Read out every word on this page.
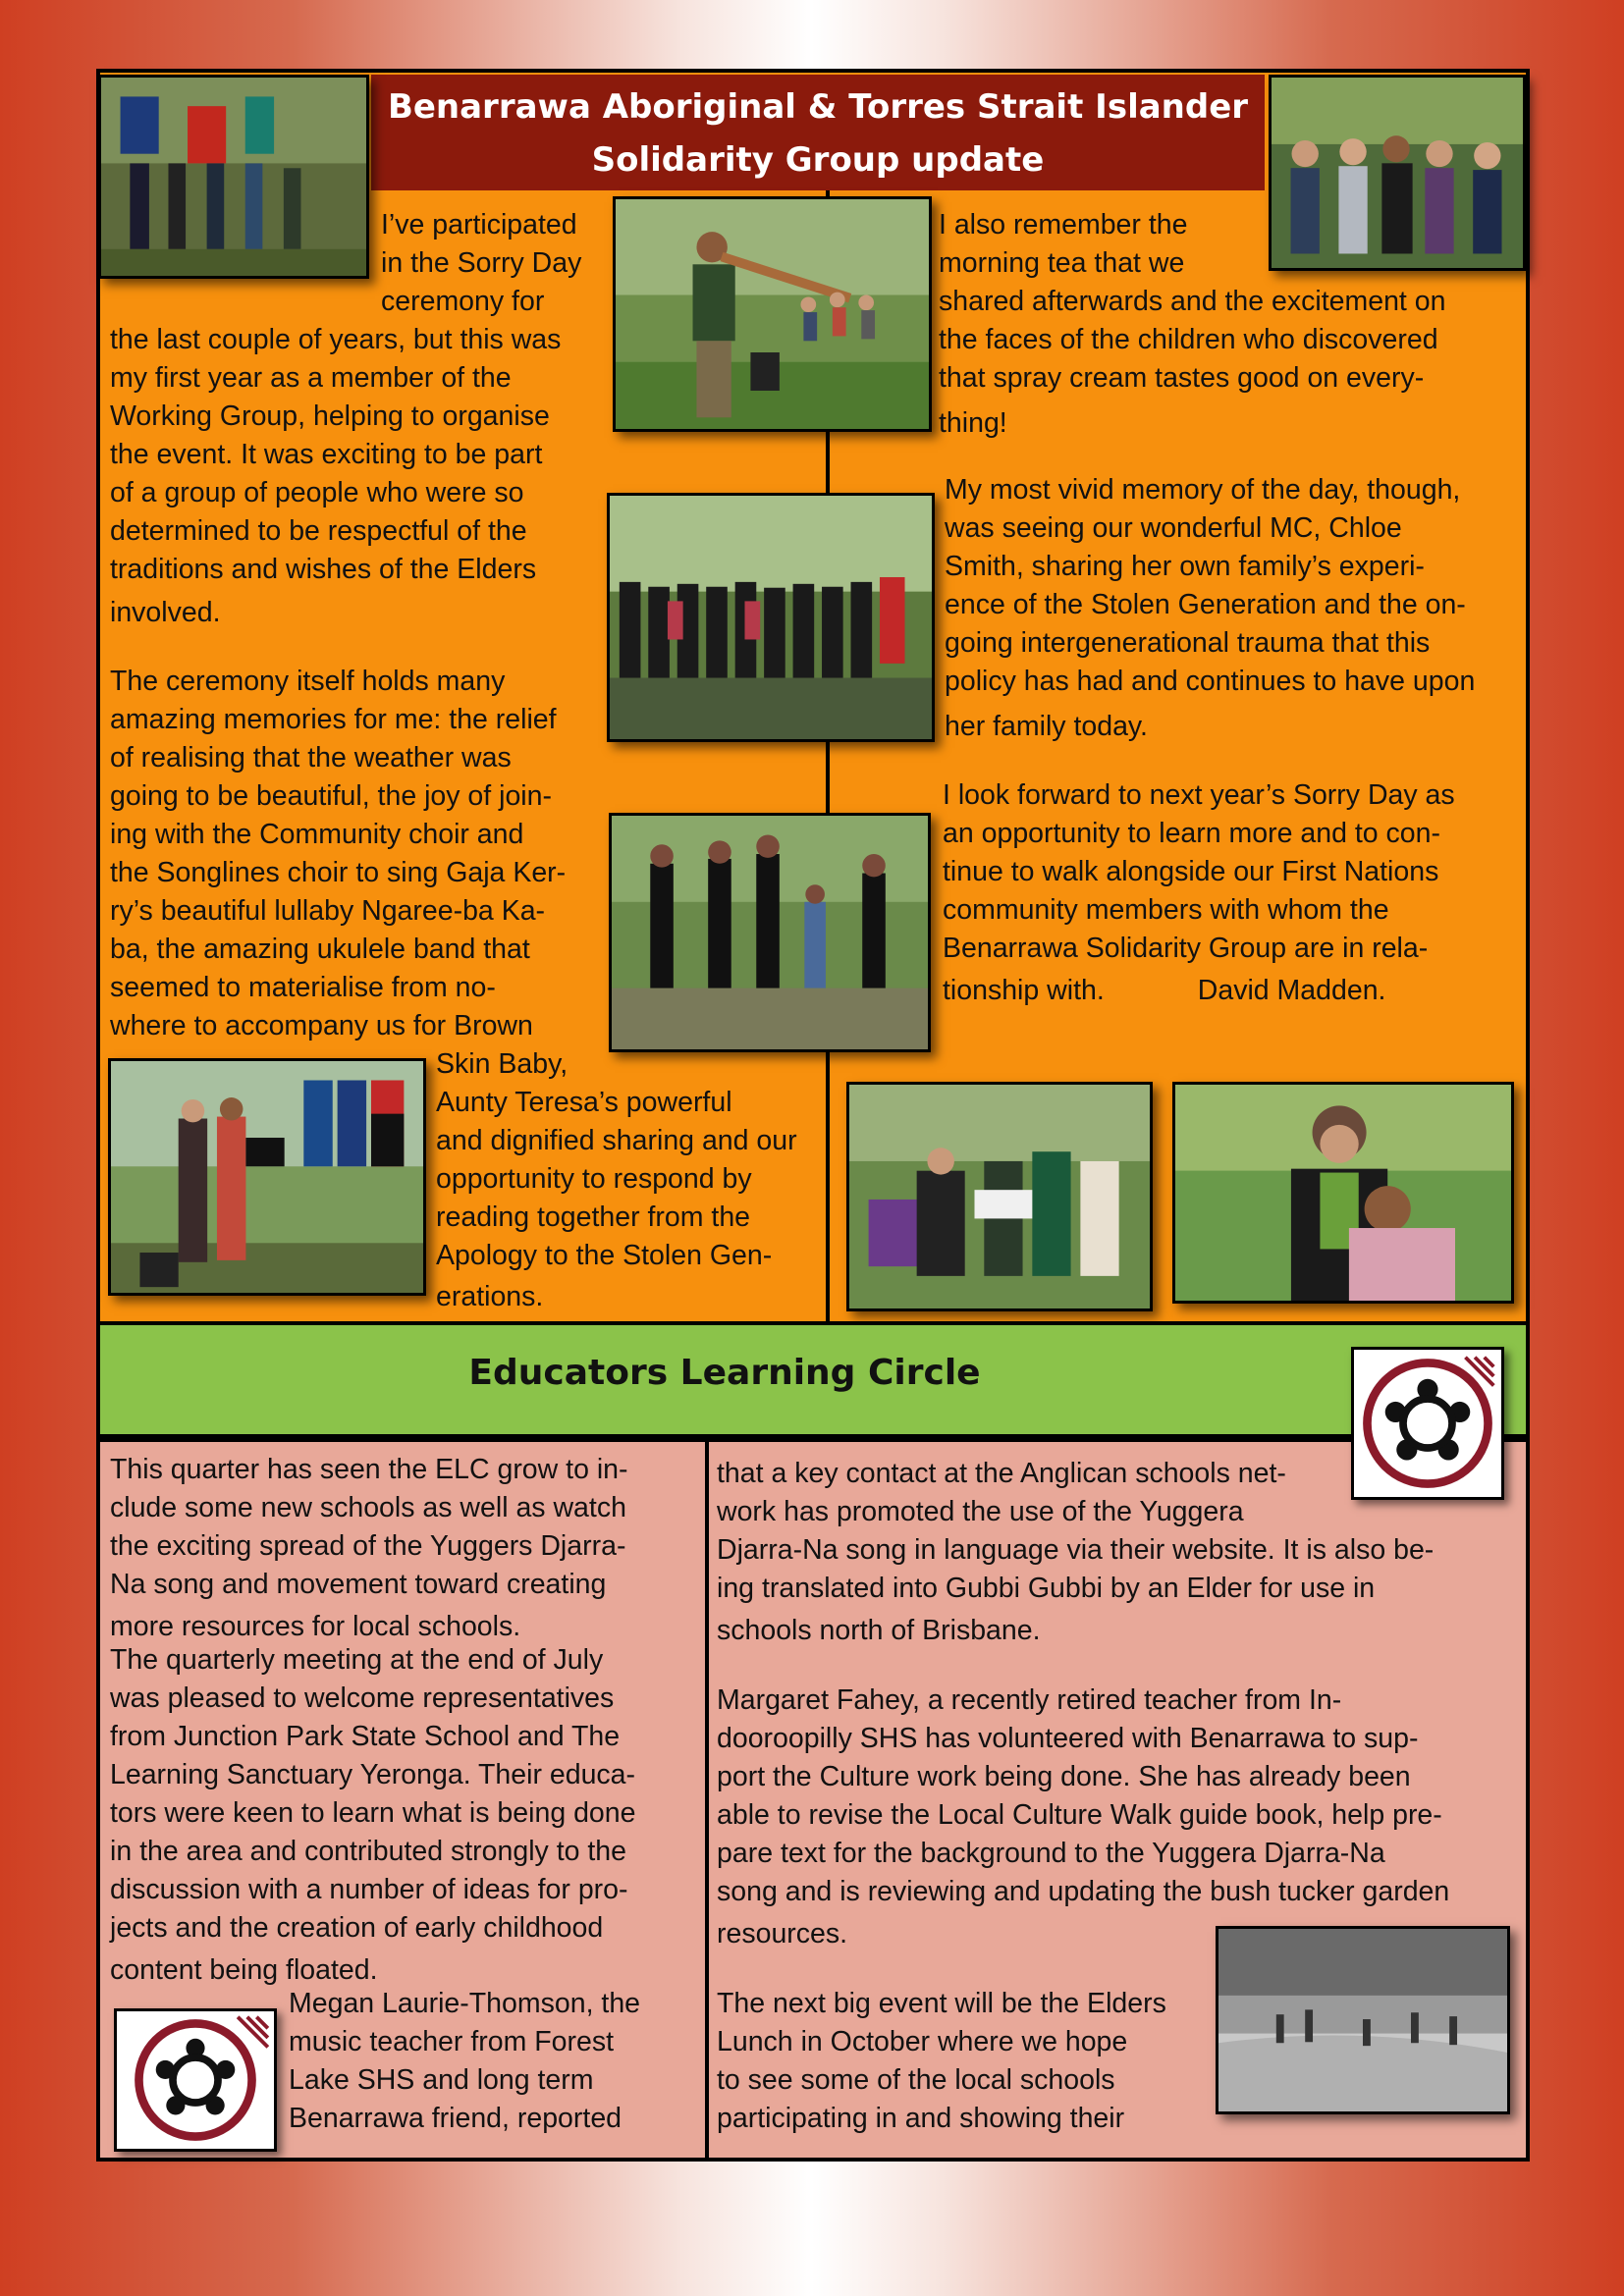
Benarrawa Aboriginal & Torres Strait Islander
Solidarity Group update
I’ve participated
in the Sorry Day
ceremony for
the last couple of years, but this was
my first year as a member of the
Working Group, helping to organise
the event. It was exciting to be part
of a group of people who were so
determined to be respectful of the
traditions and wishes of the Elders
involved.
The ceremony itself holds many
amazing memories for me: the relief
of realising that the weather was
going to be beautiful, the joy of join-
ing with the Community choir and
the Songlines choir to sing Gaja Ker-
ry’s beautiful lullaby Ngaree-ba Ka-
ba, the amazing ukulele band that
seemed to materialise from no-
where to accompany us for Brown
Skin Baby,
Aunty Teresa’s powerful
and dignified sharing and our
opportunity to respond by
reading together from the
Apology to the Stolen Gen-
erations.
I also remember the
morning tea that we
shared afterwards and the excitement on
the faces of the children who discovered
that spray cream tastes good on every-
thing!
My most vivid memory of the day, though,
was seeing our wonderful MC, Chloe
Smith, sharing her own family’s experi-
ence of the Stolen Generation and the on-
going intergenerational trauma that this
policy has had and continues to have upon
her family today.
I look forward to next year’s Sorry Day as
an opportunity to learn more and to con-
tinue to walk alongside our First Nations
community members with whom the
Benarrawa Solidarity Group are in rela-
tionship with.            David Madden.
Educators Learning Circle
This quarter has seen the ELC grow to in-
clude some new schools as well as watch
the exciting spread of the Yuggers Djarra-
Na song and movement toward creating
more resources for local schools.
The quarterly meeting at the end of July
was pleased to welcome representatives
from Junction Park State School and The
Learning Sanctuary Yeronga. Their educa-
tors were keen to learn what is being done
in the area and contributed strongly to the
discussion with a number of ideas for pro-
jects and the creation of early childhood
content being floated.
Megan Laurie-Thomson, the
music teacher from Forest
Lake SHS and long term
Benarrawa friend, reported
that a key contact at the Anglican schools net-
work has promoted the use of the Yuggera
Djarra-Na song in language via their website. It is also be-
ing translated into Gubbi Gubbi by an Elder for use in
schools north of Brisbane.
Margaret Fahey, a recently retired teacher from In-
dooroopilly SHS has volunteered with Benarrawa to sup-
port the Culture work being done. She has already been
able to revise the Local Culture Walk guide book, help pre-
pare text for the background to the Yuggera Djarra-Na
song and is reviewing and updating the bush tucker garden
resources.
The next big event will be the Elders
Lunch in October where we hope
to see some of the local schools
participating in and showing their
